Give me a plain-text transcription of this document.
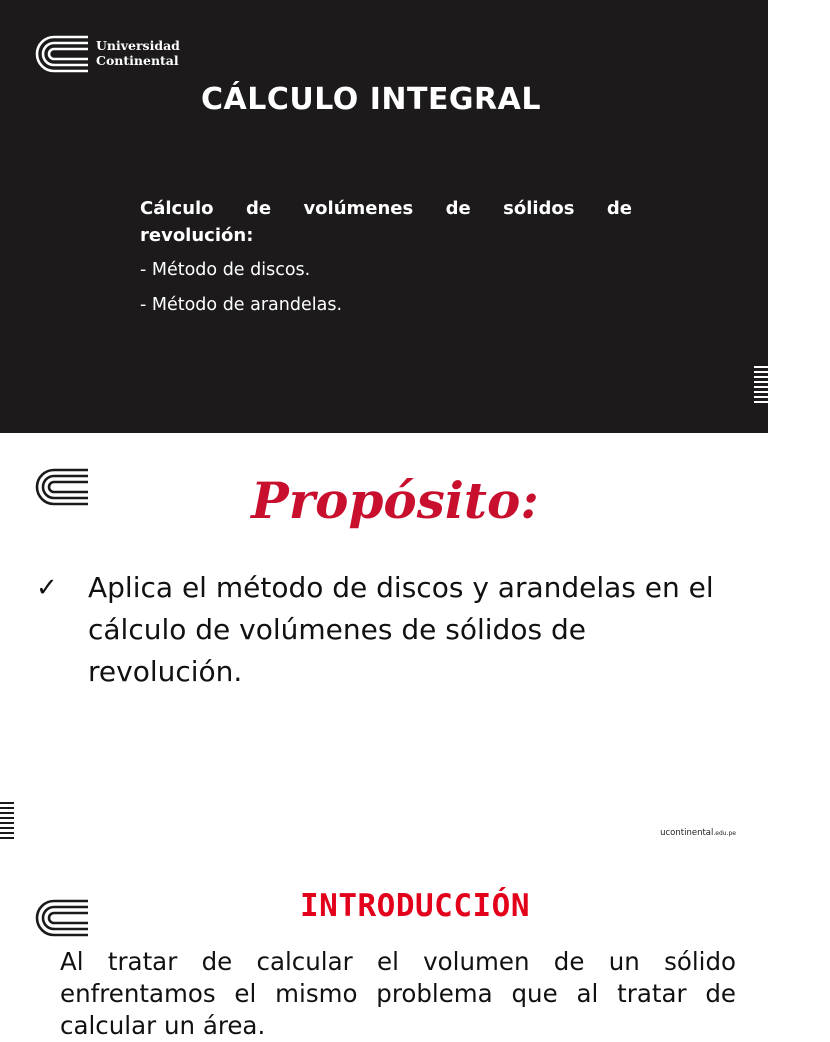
Universidad
Continental
CÁLCULO INTEGRAL
Cálculo de volúmenes de sólidos de
revolución:
- Método de discos.
- Método de arandelas.
Propósito:
✓ Aplica el método de discos y arandelas en el cálculo de volúmenes de sólidos de revolución.
ucontinental.edu.pe
INTRODUCCIÓN
Al tratar de calcular el volumen de un sólido
enfrentamos el mismo problema que al tratar de
calcular un área.
